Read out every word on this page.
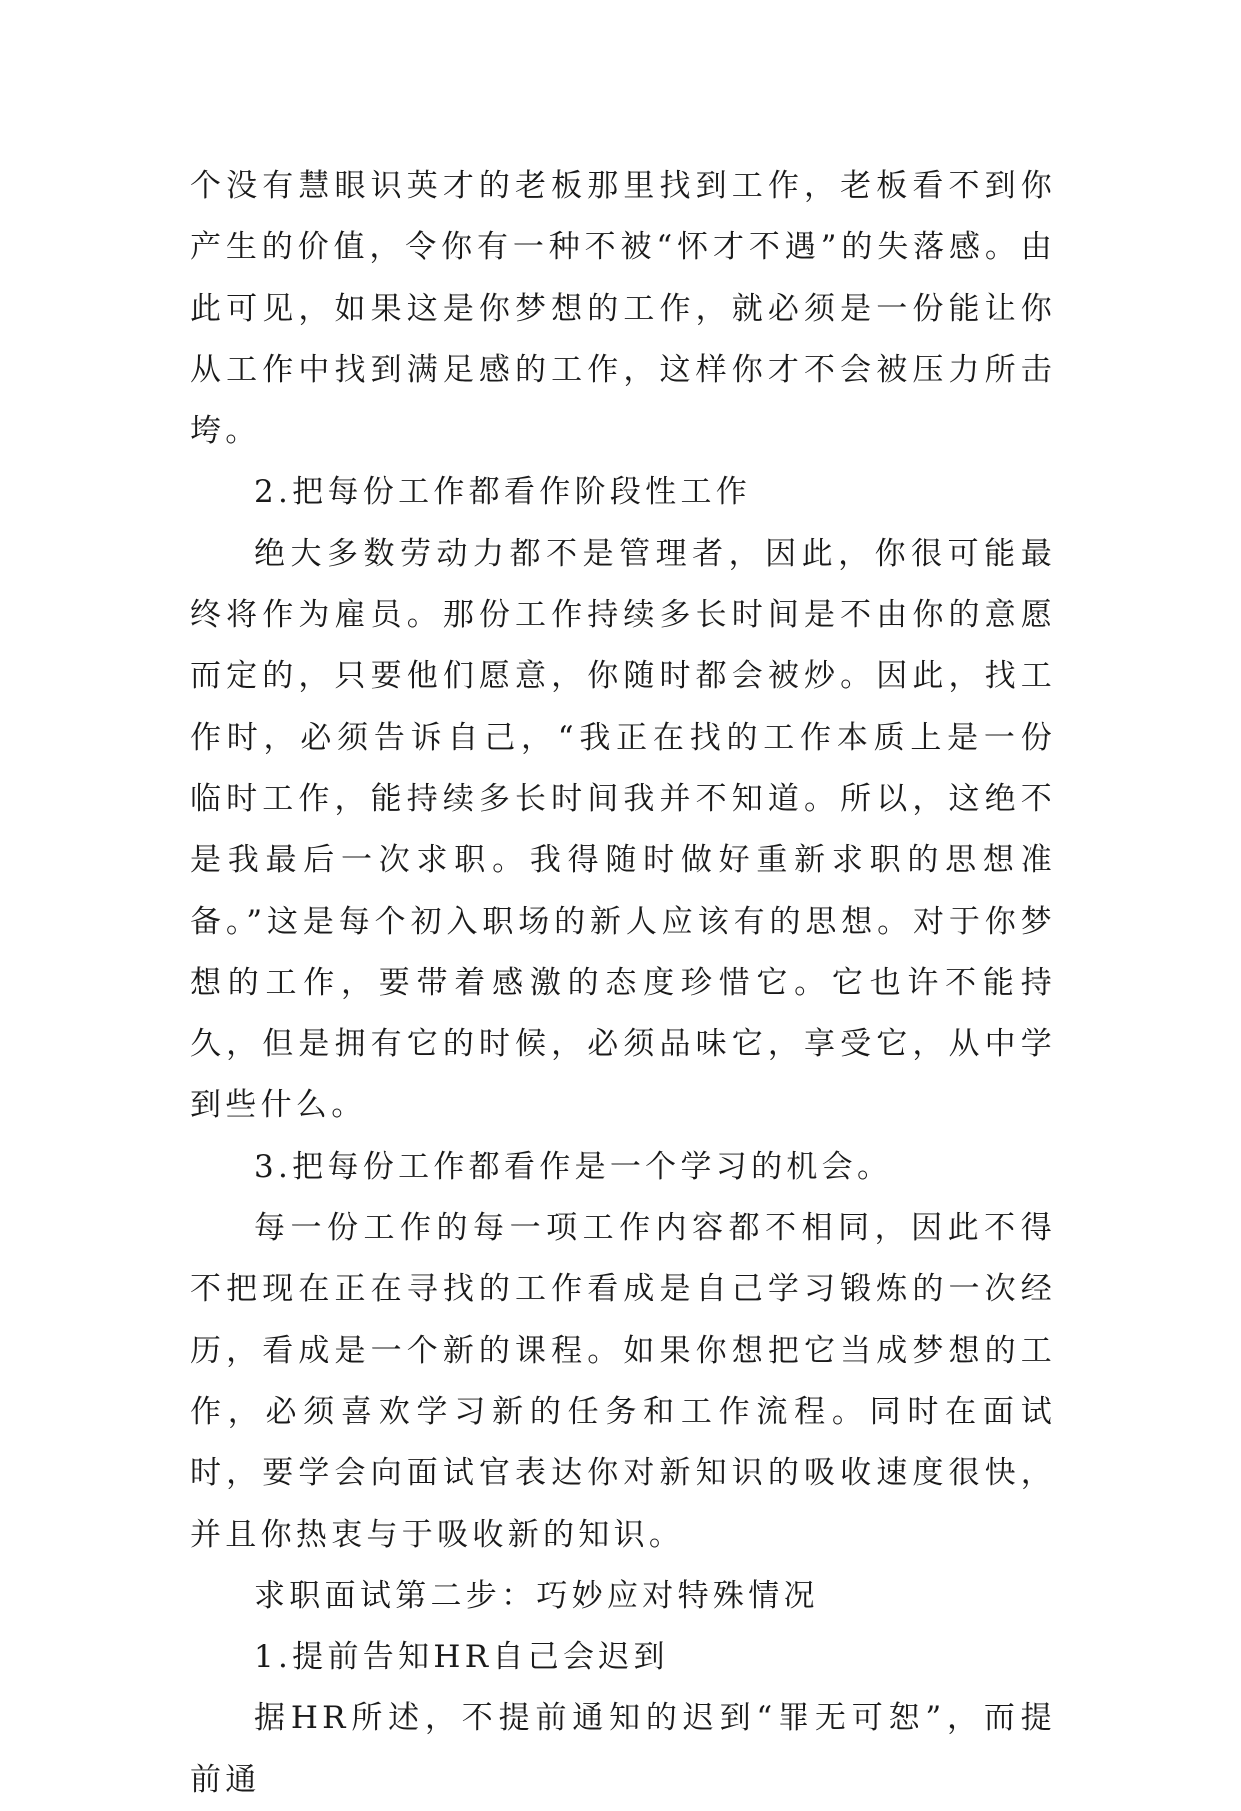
个没有慧眼识英才的老板那里找到工作，老板看不到你产生的价值，令你有一种不被“怀才不遇”的失落感。由此可见，如果这是你梦想的工作，就必须是一份能让你从工作中找到满足感的工作，这样你才不会被压力所击垮。

2.把每份工作都看作阶段性工作

绝大多数劳动力都不是管理者，因此，你很可能最终将作为雇员。那份工作持续多长时间是不由你的意愿而定的，只要他们愿意，你随时都会被炒。因此，找工作时，必须告诉自己，“我正在找的工作本质上是一份临时工作，能持续多长时间我并不知道。所以，这绝不是我最后一次求职。我得随时做好重新求职的思想准备。”这是每个初入职场的新人应该有的思想。对于你梦想的工作，要带着感激的态度珍惜它。它也许不能持久，但是拥有它的时候，必须品味它，享受它，从中学到些什么。

3.把每份工作都看作是一个学习的机会。

每一份工作的每一项工作内容都不相同，因此不得不把现在正在寻找的工作看成是自己学习锻炼的一次经历，看成是一个新的课程。如果你想把它当成梦想的工作，必须喜欢学习新的任务和工作流程。同时在面试时，要学会向面试官表达你对新知识的吸收速度很快，并且你热衷与于吸收新的知识。

求职面试第二步：巧妙应对特殊情况

1.提前告知HR自己会迟到

据HR所述，不提前通知的迟到“罪无可恕”，而提前通
